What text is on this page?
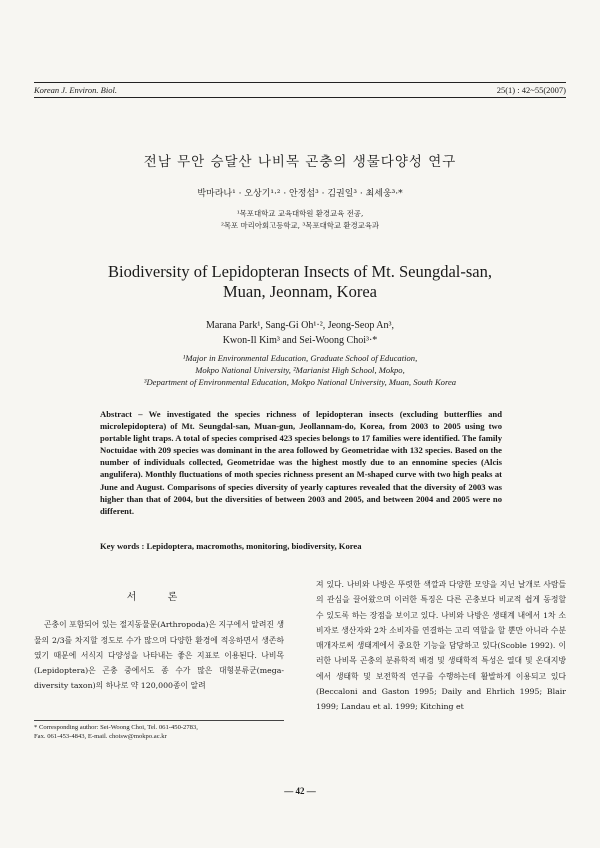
Korean J. Environ. Biol.	25(1) : 42~55(2007)
전남 무안 승달산 나비목 곤충의 생물다양성 연구
박마라나¹ · 오상기¹·² · 안정섭³ · 김권일³ · 최세웅³·*
¹목포대학교 교육대학원 환경교육 전공,
²목포 마리아회고등학교, ³목포대학교 환경교육과
Biodiversity of Lepidopteran Insects of Mt. Seungdal-san,
Muan, Jeonnam, Korea
Marana Park¹, Sang-Gi Oh¹·², Jeong-Seop An³,
Kwon-Il Kim³ and Sei-Woong Choi³·*
¹Major in Environmental Education, Graduate School of Education,
Mokpo National University, ²Marianist High School, Mokpo,
³Department of Environmental Education, Mokpo National University, Muan, South Korea
Abstract – We investigated the species richness of lepidopteran insects (excluding butterflies and microlepidoptera) of Mt. Seungdal-san, Muan-gun, Jeollannam-do, Korea, from 2003 to 2005 using two portable light traps. A total of species comprised 423 species belongs to 17 families were identified. The family Noctuidae with 209 species was dominant in the area followed by Geometridae with 132 species. Based on the number of individuals collected, Geometridae was the highest mostly due to an ennomine species (Alcis angulifera). Monthly fluctuations of moth species richness present an M-shaped curve with two high peaks at June and August. Comparisons of species diversity of yearly captures revealed that the diversity of 2003 was higher than that of 2004, but the diversities of between 2003 and 2005, and between 2004 and 2005 were no different.
Key words : Lepidoptera, macromoths, monitoring, biodiversity, Korea
서 론
곤충이 포함되어 있는 절지동물문(Arthropoda)은 지구에서 알려진 생물의 2/3를 차지할 정도로 수가 많으며 다양한 환경에 적응하면서 생존하였기 때문에 서식지 다양성을 나타내는 좋은 지표로 이용된다. 나비목(Lepidoptera)은 곤충 중에서도 종 수가 많은 대형분류군(mega-diversity taxon)의 하나로 약 120,000종이 알려
져 있다. 나비와 나방은 뚜렷한 색깔과 다양한 모양을 지닌 날개로 사람들의 관심을 끌어왔으며 이러한 특징은 다른 곤충보다 비교적 쉽게 동정할 수 있도록 하는 장점을 보이고 있다. 나비와 나방은 생태계 내에서 1차 소비자로 생산자와 2차 소비자를 연결하는 고리 역할을 할 뿐만 아니라 수분매개자로써 생태계에서 중요한 기능을 담당하고 있다(Scoble 1992). 이러한 나비목 곤충의 분류학적 배경 및 생태학적 특성은 열대 및 온대지방에서 생태학 및 보전학적 연구를 수행하는데 활발하게 이용되고 있다(Beccaloni and Gaston 1995; Daily and Ehrlich 1995; Blair 1999; Landau et al. 1999; Kitching et
* Corresponding author: Sei-Woong Choi, Tel. 061-450-2783,
Fax. 061-453-4843, E-mail. choisw@mokpo.ac.kr
— 42 —
